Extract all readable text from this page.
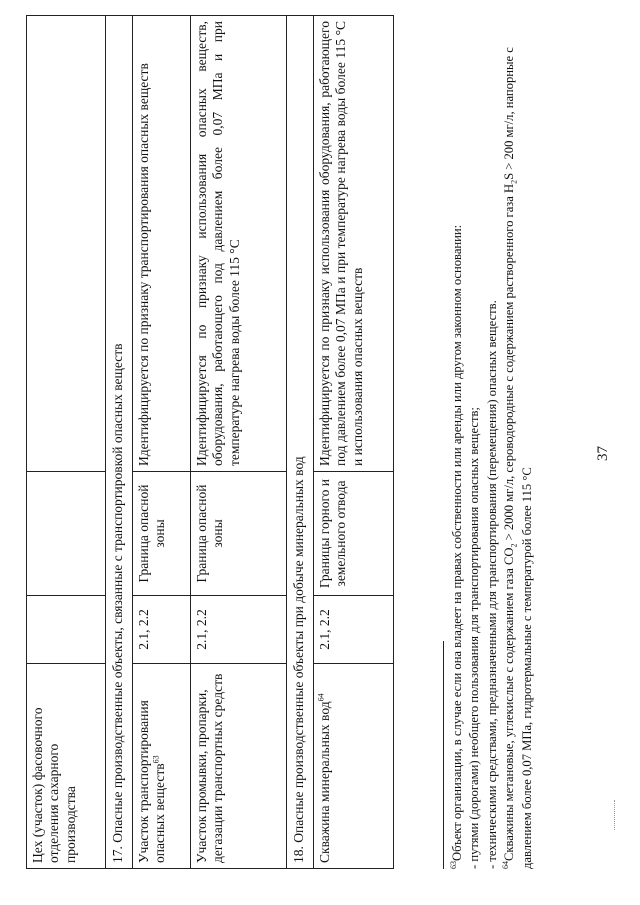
37
Цех (участок) фасовочного отделения сахарного производства			
17. Опасные производственные объекты, связанные с транспортировкой опасных веществ			
Участок транспортирования опасных веществ$^{63}$	2.1, 2.2	Граница опасной зоны	Идентифицируется по признаку транспортирования опасных веществ
Участок промывки, пропарки, дегазации транспортных средств	2.1, 2.2	Граница опасной зоны	Идентифицируется по признаку использования опасных веществ, оборудования, работающего под давлением более 0,07 МПа и при температуре нагрева воды более 115 °С
18. Опасные производственные объекты при добыче минеральных вод			
Скважина минеральных вод$^{64}$	2.1, 2.2	Границы горного и земельного отвода	Идентифицируется по признаку использования оборудования, работающего под давлением более 0,07 МПа и при температуре нагрева воды более 115 °С и использования опасных веществ

$^{63}$Объект организации, в случае если она владеет на правах собственности или аренды или другом законном основании: - путями (дорогами) необщего пользования для транспортирования опасных веществ; - техническими средствами, предназначенными для транспортирования (перемещения) опасных веществ. $^{64}$Скважины метановые, углекислые с содержанием газа $СО_2 > 2000$ мг/л, сероводородные с содержанием растворенного газа $H_2S > 200$ мг/л, напорные с давлением более 0,07 МПа, гидротермальные с температурой более 115 °С
